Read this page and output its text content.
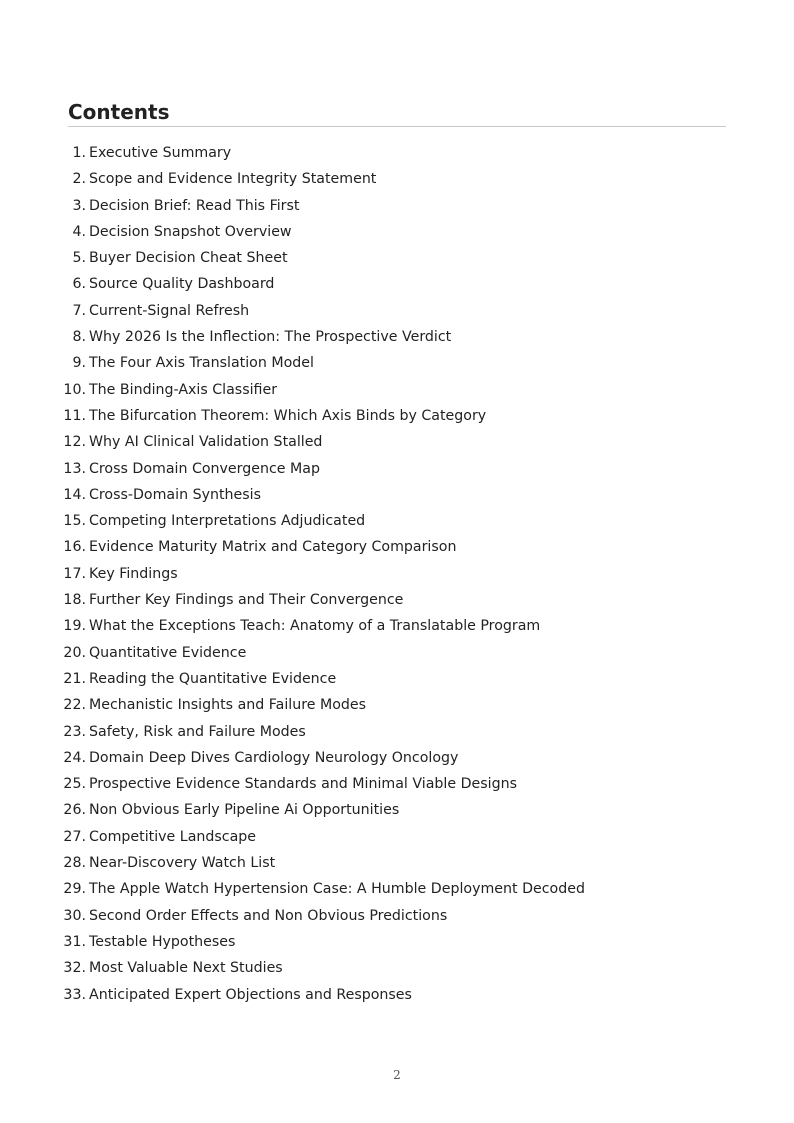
Contents
1. Executive Summary
2. Scope and Evidence Integrity Statement
3. Decision Brief: Read This First
4. Decision Snapshot Overview
5. Buyer Decision Cheat Sheet
6. Source Quality Dashboard
7. Current-Signal Refresh
8. Why 2026 Is the Inflection: The Prospective Verdict
9. The Four Axis Translation Model
10. The Binding-Axis Classifier
11. The Bifurcation Theorem: Which Axis Binds by Category
12. Why AI Clinical Validation Stalled
13. Cross Domain Convergence Map
14. Cross-Domain Synthesis
15. Competing Interpretations Adjudicated
16. Evidence Maturity Matrix and Category Comparison
17. Key Findings
18. Further Key Findings and Their Convergence
19. What the Exceptions Teach: Anatomy of a Translatable Program
20. Quantitative Evidence
21. Reading the Quantitative Evidence
22. Mechanistic Insights and Failure Modes
23. Safety, Risk and Failure Modes
24. Domain Deep Dives Cardiology Neurology Oncology
25. Prospective Evidence Standards and Minimal Viable Designs
26. Non Obvious Early Pipeline Ai Opportunities
27. Competitive Landscape
28. Near-Discovery Watch List
29. The Apple Watch Hypertension Case: A Humble Deployment Decoded
30. Second Order Effects and Non Obvious Predictions
31. Testable Hypotheses
32. Most Valuable Next Studies
33. Anticipated Expert Objections and Responses
2
